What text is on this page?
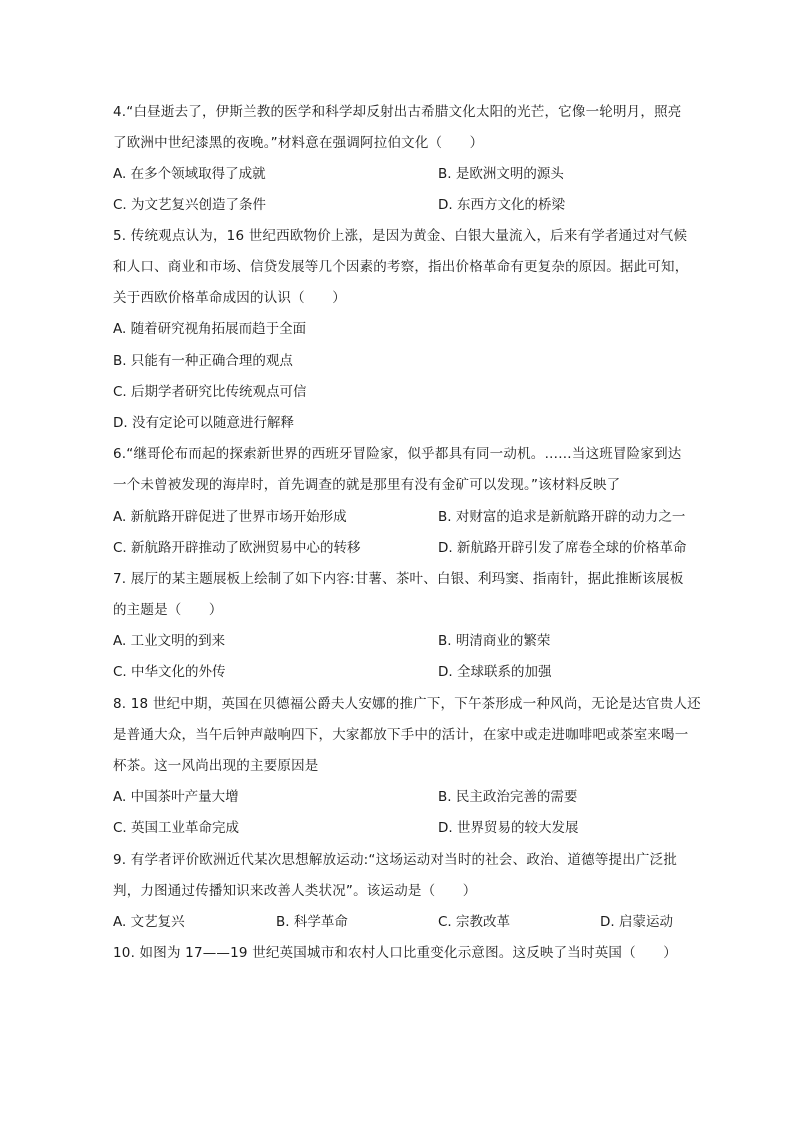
4.“白昼逝去了，伊斯兰教的医学和科学却反射出古希腊文化太阳的光芒，它像一轮明月，照亮
了欧洲中世纪漆黑的夜晚。”材料意在强调阿拉伯文化（　　）
A. 在多个领域取得了成就	B. 是欧洲文明的源头
C. 为文艺复兴创造了条件	D. 东西方文化的桥梁
5. 传统观点认为，16 世纪西欧物价上涨，是因为黄金、白银大量流入，后来有学者通过对气候
和人口、商业和市场、信贷发展等几个因素的考察，指出价格革命有更复杂的原因。据此可知，
关于西欧价格革命成因的认识（　　）
A. 随着研究视角拓展而趋于全面
B. 只能有一种正确合理的观点
C. 后期学者研究比传统观点可信
D. 没有定论可以随意进行解释
6.“继哥伦布而起的探索新世界的西班牙冒险家，似乎都具有同一动机。……当这班冒险家到达
一个未曾被发现的海岸时，首先调查的就是那里有没有金矿可以发现。”该材料反映了
A. 新航路开辟促进了世界市场开始形成	B. 对财富的追求是新航路开辟的动力之一
C. 新航路开辟推动了欧洲贸易中心的转移	D. 新航路开辟引发了席卷全球的价格革命
7. 展厅的某主题展板上绘制了如下内容:甘薯、茶叶、白银、利玛窦、指南针，据此推断该展板
的主题是（　　）
A. 工业文明的到来	B. 明清商业的繁荣
C. 中华文化的外传	D. 全球联系的加强
8. 18 世纪中期，英国在贝德福公爵夫人安娜的推广下，下午茶形成一种风尚，无论是达官贵人还
是普通大众，当午后钟声敲响四下，大家都放下手中的活计，在家中或走进咖啡吧或茶室来喝一
杯茶。这一风尚出现的主要原因是
A. 中国茶叶产量大增	B. 民主政治完善的需要
C. 英国工业革命完成	D. 世界贸易的较大发展
9. 有学者评价欧洲近代某次思想解放运动:“这场运动对当时的社会、政治、道德等提出广泛批
判，力图通过传播知识来改善人类状况”。该运动是（　　）
A. 文艺复兴	B. 科学革命	C. 宗教改革	D. 启蒙运动
10. 如图为 17——19 世纪英国城市和农村人口比重变化示意图。这反映了当时英国（　　）
